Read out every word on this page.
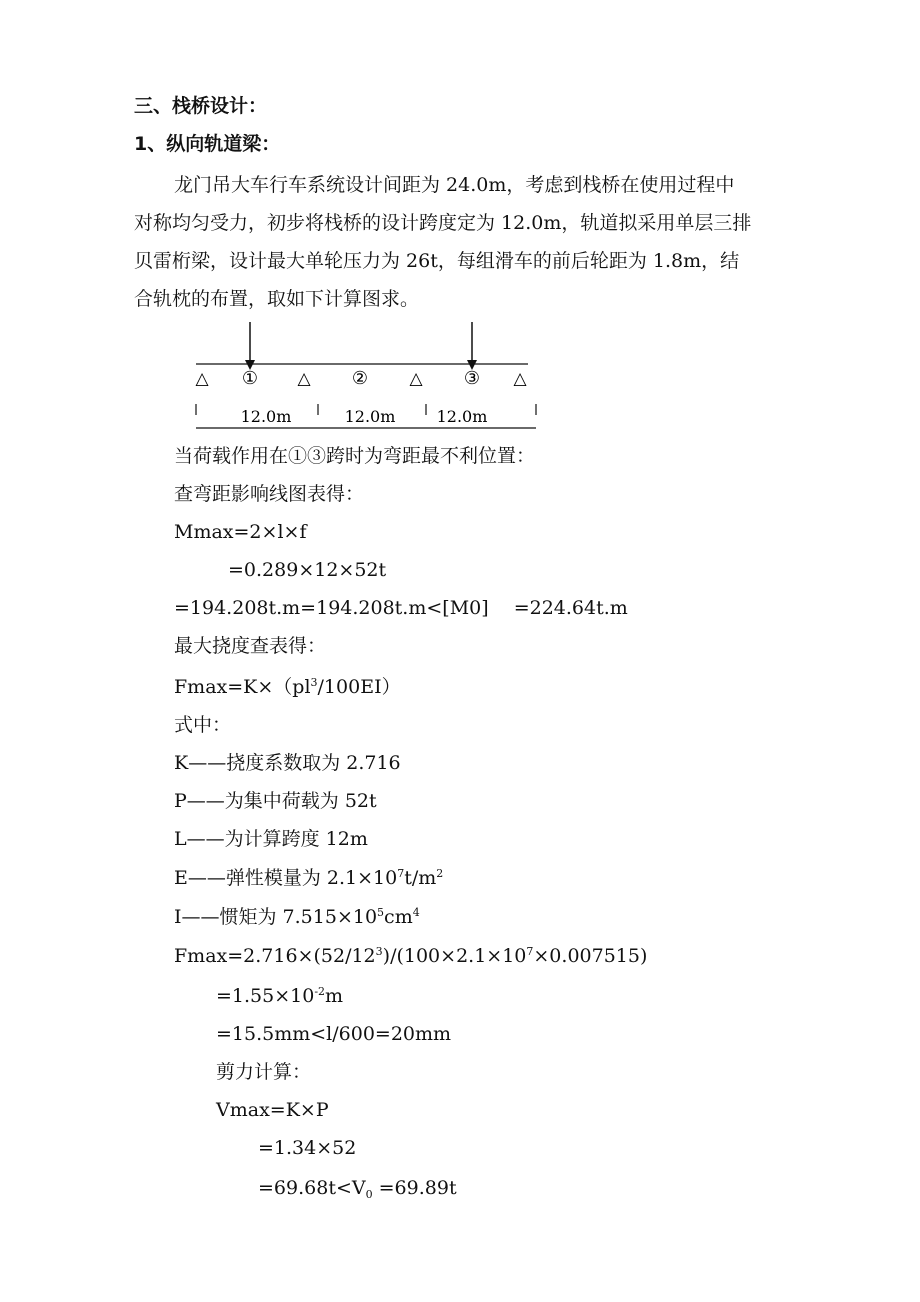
三、栈桥设计：
1、纵向轨道梁：
龙门吊大车行车系统设计间距为 24.0m，考虑到栈桥在使用过程中
对称均匀受力，初步将栈桥的设计跨度定为 12.0m，轨道拟采用单层三排
贝雷桁梁，设计最大单轮压力为 26t，每组滑车的前后轮距为 1.8m，结
合轨枕的布置，取如下计算图求。
△ ① △ ② △ ③ △
12.0m	12.0m	12.0m
当荷载作用在①③跨时为弯距最不利位置：
查弯距影响线图表得：
Mmax=2×l×f
=0.289×12×52t
=194.208t.m=194.208t.m<[M0]　 =224.64t.m
最大挠度查表得：
$Fmax=K\times(pl^3/100EI)$
式中：
K——挠度系数取为 2.716
P——为集中荷载为 52t
L——为计算跨度 12m
E——弹性模量为 $2.1\times 10^7t/m^2$
I——惯矩为 $7.515\times 10^5cm^4$
$Fmax=2.716\times(52/12^3)/(100\times 2.1\times 10^7\times 0.007515)$
$=1.55\times 10^{-2}m$
=15.5mm<l/600=20mm
剪力计算：
Vmax=K×P
=1.34×52
$=69.68t<V_0 =69.89t$
